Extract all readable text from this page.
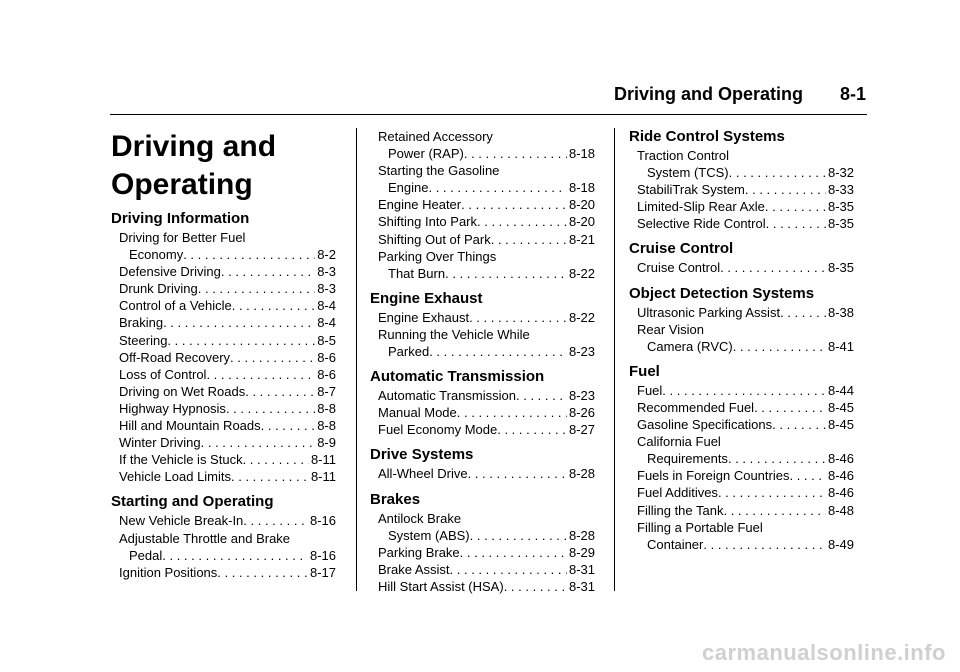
Driving and Operating 8-1
Driving and Operating
Driving Information
Driving for Better Fuel
Economy . . .	8-2
Defensive Driving . . .	8-3
Drunk Driving . . .	8-3
Control of a Vehicle . . .	8-4
Braking . . .	8-4
Steering . . .	8-5
Off-Road Recovery . . .	8-6
Loss of Control . . .	8-6
Driving on Wet Roads . . .	8-7
Highway Hypnosis . . .	8-8
Hill and Mountain Roads . . .	8-8
Winter Driving . . .	8-9
If the Vehicle is Stuck . . .	8-11
Vehicle Load Limits . . .	8-11
Starting and Operating
New Vehicle Break-In . . .	8-16
Adjustable Throttle and Brake
Pedal . . .	8-16
Ignition Positions . . .	8-17
Retained Accessory
Power (RAP) . . .	8-18
Starting the Gasoline
Engine . . .	8-18
Engine Heater . . .	8-20
Shifting Into Park . . .	8-20
Shifting Out of Park . . .	8-21
Parking Over Things
That Burn . . .	8-22
Engine Exhaust
Engine Exhaust . . .	8-22
Running the Vehicle While
Parked . . .	8-23
Automatic Transmission
Automatic Transmission . . .	8-23
Manual Mode . . .	8-26
Fuel Economy Mode . . .	8-27
Drive Systems
All-Wheel Drive . . .	8-28
Brakes
Antilock Brake
System (ABS) . . .	8-28
Parking Brake . . .	8-29
Brake Assist . . .	8-31
Hill Start Assist (HSA) . . .	8-31
Ride Control Systems
Traction Control
System (TCS) . . .	8-32
StabiliTrak System . . .	8-33
Limited-Slip Rear Axle . . .	8-35
Selective Ride Control . . .	8-35
Cruise Control
Cruise Control . . .	8-35
Object Detection Systems
Ultrasonic Parking Assist . . .	8-38
Rear Vision
Camera (RVC) . . .	8-41
Fuel
Fuel . . .	8-44
Recommended Fuel . . .	8-45
Gasoline Specifications . . .	8-45
California Fuel
Requirements . . .	8-46
Fuels in Foreign Countries . . .	8-46
Fuel Additives . . .	8-46
Filling the Tank . . .	8-48
Filling a Portable Fuel
Container . . .	8-49
carmanualsonline.info
